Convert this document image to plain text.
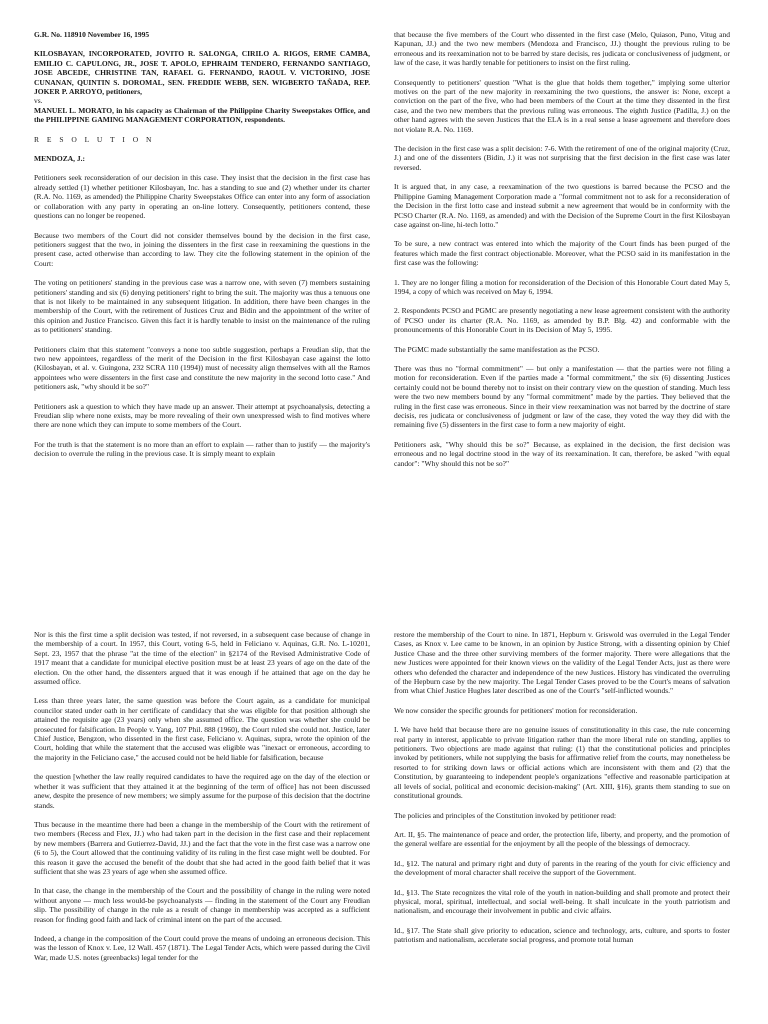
G.R. No. 118910 November 16, 1995

KILOSBAYAN, INCORPORATED, JOVITO R. SALONGA, CIRILO A. RIGOS, ERME CAMBA, EMILIO C. CAPULONG, JR., JOSE T. APOLO, EPHRAIM TENDERO, FERNANDO SANTIAGO, JOSE ABCEDE, CHRISTINE TAN, RAFAEL G. FERNANDO, RAOUL V. VICTORINO, JOSE CUNANAN, QUINTIN S. DOROMAL, SEN. FREDDIE WEBB, SEN. WIGBERTO TAÑADA, REP. JOKER P. ARROYO, petitioners,

vs.

MANUEL L. MORATO, in his capacity as Chairman of the Philippine Charity Sweepstakes Office, and the PHILIPPINE GAMING MANAGEMENT CORPORATION, respondents.

R E S O L U T I O N

MENDOZA, J.:

Petitioners seek reconsideration of our decision in this case. They insist that the decision in the first case has already settled (1) whether petitioner Kilosbayan, Inc. has a standing to sue and (2) whether under its charter (R.A. No. 1169, as amended) the Philippine Charity Sweepstakes Office can enter into any form of association or collaboration with any party in operating an on-line lottery. Consequently, petitioners contend, these questions can no longer be reopened.

Because two members of the Court did not consider themselves bound by the decision in the first case, petitioners suggest that the two, in joining the dissenters in the first case in reexamining the questions in the present case, acted otherwise than according to law. They cite the following statement in the opinion of the Court:

The voting on petitioners' standing in the previous case was a narrow one, with seven (7) members sustaining petitioners' standing and six (6) denying petitioners' right to bring the suit. The majority was thus a tenuous one that is not likely to be maintained in any subsequent litigation. In addition, there have been changes in the membership of the Court, with the retirement of Justices Cruz and Bidin and the appointment of the writer of this opinion and Justice Francisco. Given this fact it is hardly tenable to insist on the maintenance of the ruling as to petitioners' standing.

Petitioners claim that this statement "conveys a none too subtle suggestion, perhaps a Freudian slip, that the two new appointees, regardless of the merit of the Decision in the first Kilosbayan case against the lotto (Kilosbayan, et al. v. Guingona, 232 SCRA 110 (1994)) must of necessity align themselves with all the Ramos appointees who were dissenters in the first case and constitute the new majority in the second lotto case." And petitioners ask, "why should it be so?"

Petitioners ask a question to which they have made up an answer. Their attempt at psychoanalysis, detecting a Freudian slip where none exists, may be more revealing of their own unexpressed wish to find motives where there are none which they can impute to some members of the Court.

For the truth is that the statement is no more than an effort to explain — rather than to justify — the majority's decision to overrule the ruling in the previous case. It is simply meant to explain

that because the five members of the Court who dissented in the first case (Melo, Quiason, Puno, Vitug and Kapunan, JJ.) and the two new members (Mendoza and Francisco, JJ.) thought the previous ruling to be erroneous and its reexamination not to be barred by stare decisis, res judicata or conclusiveness of judgment, or law of the case, it was hardly tenable for petitioners to insist on the first ruling.

Consequently to petitioners' question "What is the glue that holds them together," implying some ulterior motives on the part of the new majority in reexamining the two questions, the answer is: None, except a conviction on the part of the five, who had been members of the Court at the time they dissented in the first case, and the two new members that the previous ruling was erroneous. The eighth Justice (Padilla, J.) on the other hand agrees with the seven Justices that the ELA is in a real sense a lease agreement and therefore does not violate R.A. No. 1169.

The decision in the first case was a split decision: 7-6. With the retirement of one of the original majority (Cruz, J.) and one of the dissenters (Bidin, J.) it was not surprising that the first decision in the first case was later reversed.

It is argued that, in any case, a reexamination of the two questions is barred because the PCSO and the Philippine Gaming Management Corporation made a "formal commitment not to ask for a reconsideration of the Decision in the first lotto case and instead submit a new agreement that would be in conformity with the PCSO Charter (R.A. No. 1169, as amended) and with the Decision of the Supreme Court in the first Kilosbayan case against on-line, hi-tech lotto."

To be sure, a new contract was entered into which the majority of the Court finds has been purged of the features which made the first contract objectionable. Moreover, what the PCSO said in its manifestation in the first case was the following:

1. They are no longer filing a motion for reconsideration of the Decision of this Honorable Court dated May 5, 1994, a copy of which was received on May 6, 1994.

2. Respondents PCSO and PGMC are presently negotiating a new lease agreement consistent with the authority of PCSO under its charter (R.A. No. 1169, as amended by B.P. Blg. 42) and conformable with the pronouncements of this Honorable Court in its Decision of May 5, 1995.

The PGMC made substantially the same manifestation as the PCSO.

There was thus no "formal commitment" — but only a manifestation — that the parties were not filing a motion for reconsideration. Even if the parties made a "formal commitment," the six (6) dissenting Justices certainly could not be bound thereby not to insist on their contrary view on the question of standing. Much less were the two new members bound by any "formal commitment" made by the parties. They believed that the ruling in the first case was erroneous. Since in their view reexamination was not barred by the doctrine of stare decisis, res judicata or conclusiveness of judgment or law of the case, they voted the way they did with the remaining five (5) dissenters in the first case to form a new majority of eight.

Petitioners ask, "Why should this be so?" Because, as explained in the decision, the first decision was erroneous and no legal doctrine stood in the way of its reexamination. It can, therefore, be asked "with equal candor": "Why should this not be so?"

Nor is this the first time a split decision was tested, if not reversed, in a subsequent case because of change in the membership of a court. In 1957, this Court, voting 6-5, held in Feliciano v. Aquinas, G.R. No. L-10201, Sept. 23, 1957 that the phrase "at the time of the election" in §2174 of the Revised Administrative Code of 1917 meant that a candidate for municipal elective position must be at least 23 years of age on the date of the election. On the other hand, the dissenters argued that it was enough if he attained that age on the day he assumed office.

Less than three years later, the same question was before the Court again, as a candidate for municipal councilor stated under oath in her certificate of candidacy that she was eligible for that position although she attained the requisite age (23 years) only when she assumed office. The question was whether she could be prosecuted for falsification. In People v. Yang, 107 Phil. 888 (1960), the Court ruled she could not. Justice, later Chief Justice, Bengzon, who dissented in the first case, Feliciano v. Aquinas, supra, wrote the opinion of the Court, holding that while the statement that the accused was eligible was "inexact or erroneous, according to the majority in the Feliciano case," the accused could not be held liable for falsification, because

the question [whether the law really required candidates to have the required age on the day of the election or whether it was sufficient that they attained it at the beginning of the term of office] has not been discussed anew, despite the presence of new members; we simply assume for the purpose of this decision that the doctrine stands.

Thus because in the meantime there had been a change in the membership of the Court with the retirement of two members (Recess and Flex, JJ.) who had taken part in the decision in the first case and their replacement by new members (Barrera and Gutierrez-David, JJ.) and the fact that the vote in the first case was a narrow one (6 to 5), the Court allowed that the continuing validity of its ruling in the first case might well be doubted. For this reason it gave the accused the benefit of the doubt that she had acted in the good faith belief that it was sufficient that she was 23 years of age when she assumed office.

In that case, the change in the membership of the Court and the possibility of change in the ruling were noted without anyone — much less would-be psychoanalysts — finding in the statement of the Court any Freudian slip. The possibility of change in the rule as a result of change in membership was accepted as a sufficient reason for finding good faith and lack of criminal intent on the part of the accused.

Indeed, a change in the composition of the Court could prove the means of undoing an erroneous decision. This was the lesson of Knox v. Lee, 12 Wall. 457 (1871). The Legal Tender Acts, which were passed during the Civil War, made U.S. notes (greenbacks) legal tender for the

restore the membership of the Court to nine. In 1871, Hepburn v. Griswold was overruled in the Legal Tender Cases, as Knox v. Lee came to be known, in an opinion by Justice Strong, with a dissenting opinion by Chief Justice Chase and the three other surviving members of the former majority. There were allegations that the new Justices were appointed for their known views on the validity of the Legal Tender Acts, just as there were others who defended the character and independence of the new Justices. History has vindicated the overruling of the Hepburn case by the new majority. The Legal Tender Cases proved to be the Court's means of salvation from what Chief Justice Hughes later described as one of the Court's "self-inflicted wounds."

We now consider the specific grounds for petitioners' motion for reconsideration.

I. We have held that because there are no genuine issues of constitutionality in this case, the rule concerning real party in interest, applicable to private litigation rather than the more liberal rule on standing, applies to petitioners. Two objections are made against that ruling: (1) that the constitutional policies and principles invoked by petitioners, while not supplying the basis for affirmative relief from the courts, may nonetheless be resorted to for striking down laws or official actions which are inconsistent with them and (2) that the Constitution, by guaranteeing to independent people's organizations "effective and reasonable participation at all levels of social, political and economic decision-making" (Art. XIII, §16), grants them standing to sue on constitutional grounds.

The policies and principles of the Constitution invoked by petitioner read:

Art. II, §5. The maintenance of peace and order, the protection life, liberty, and property, and the promotion of the general welfare are essential for the enjoyment by all the people of the blessings of democracy.

Id., §12. The natural and primary right and duty of parents in the rearing of the youth for civic efficiency and the development of moral character shall receive the support of the Government.

Id., §13. The State recognizes the vital role of the youth in nation-building and shall promote and protect their physical, moral, spiritual, intellectual, and social well-being. It shall inculcate in the youth patriotism and nationalism, and encourage their involvement in public and civic affairs.

Id., §17. The State shall give priority to education, science and technology, arts, culture, and sports to foster patriotism and nationalism, accelerate social progress, and promote total human
